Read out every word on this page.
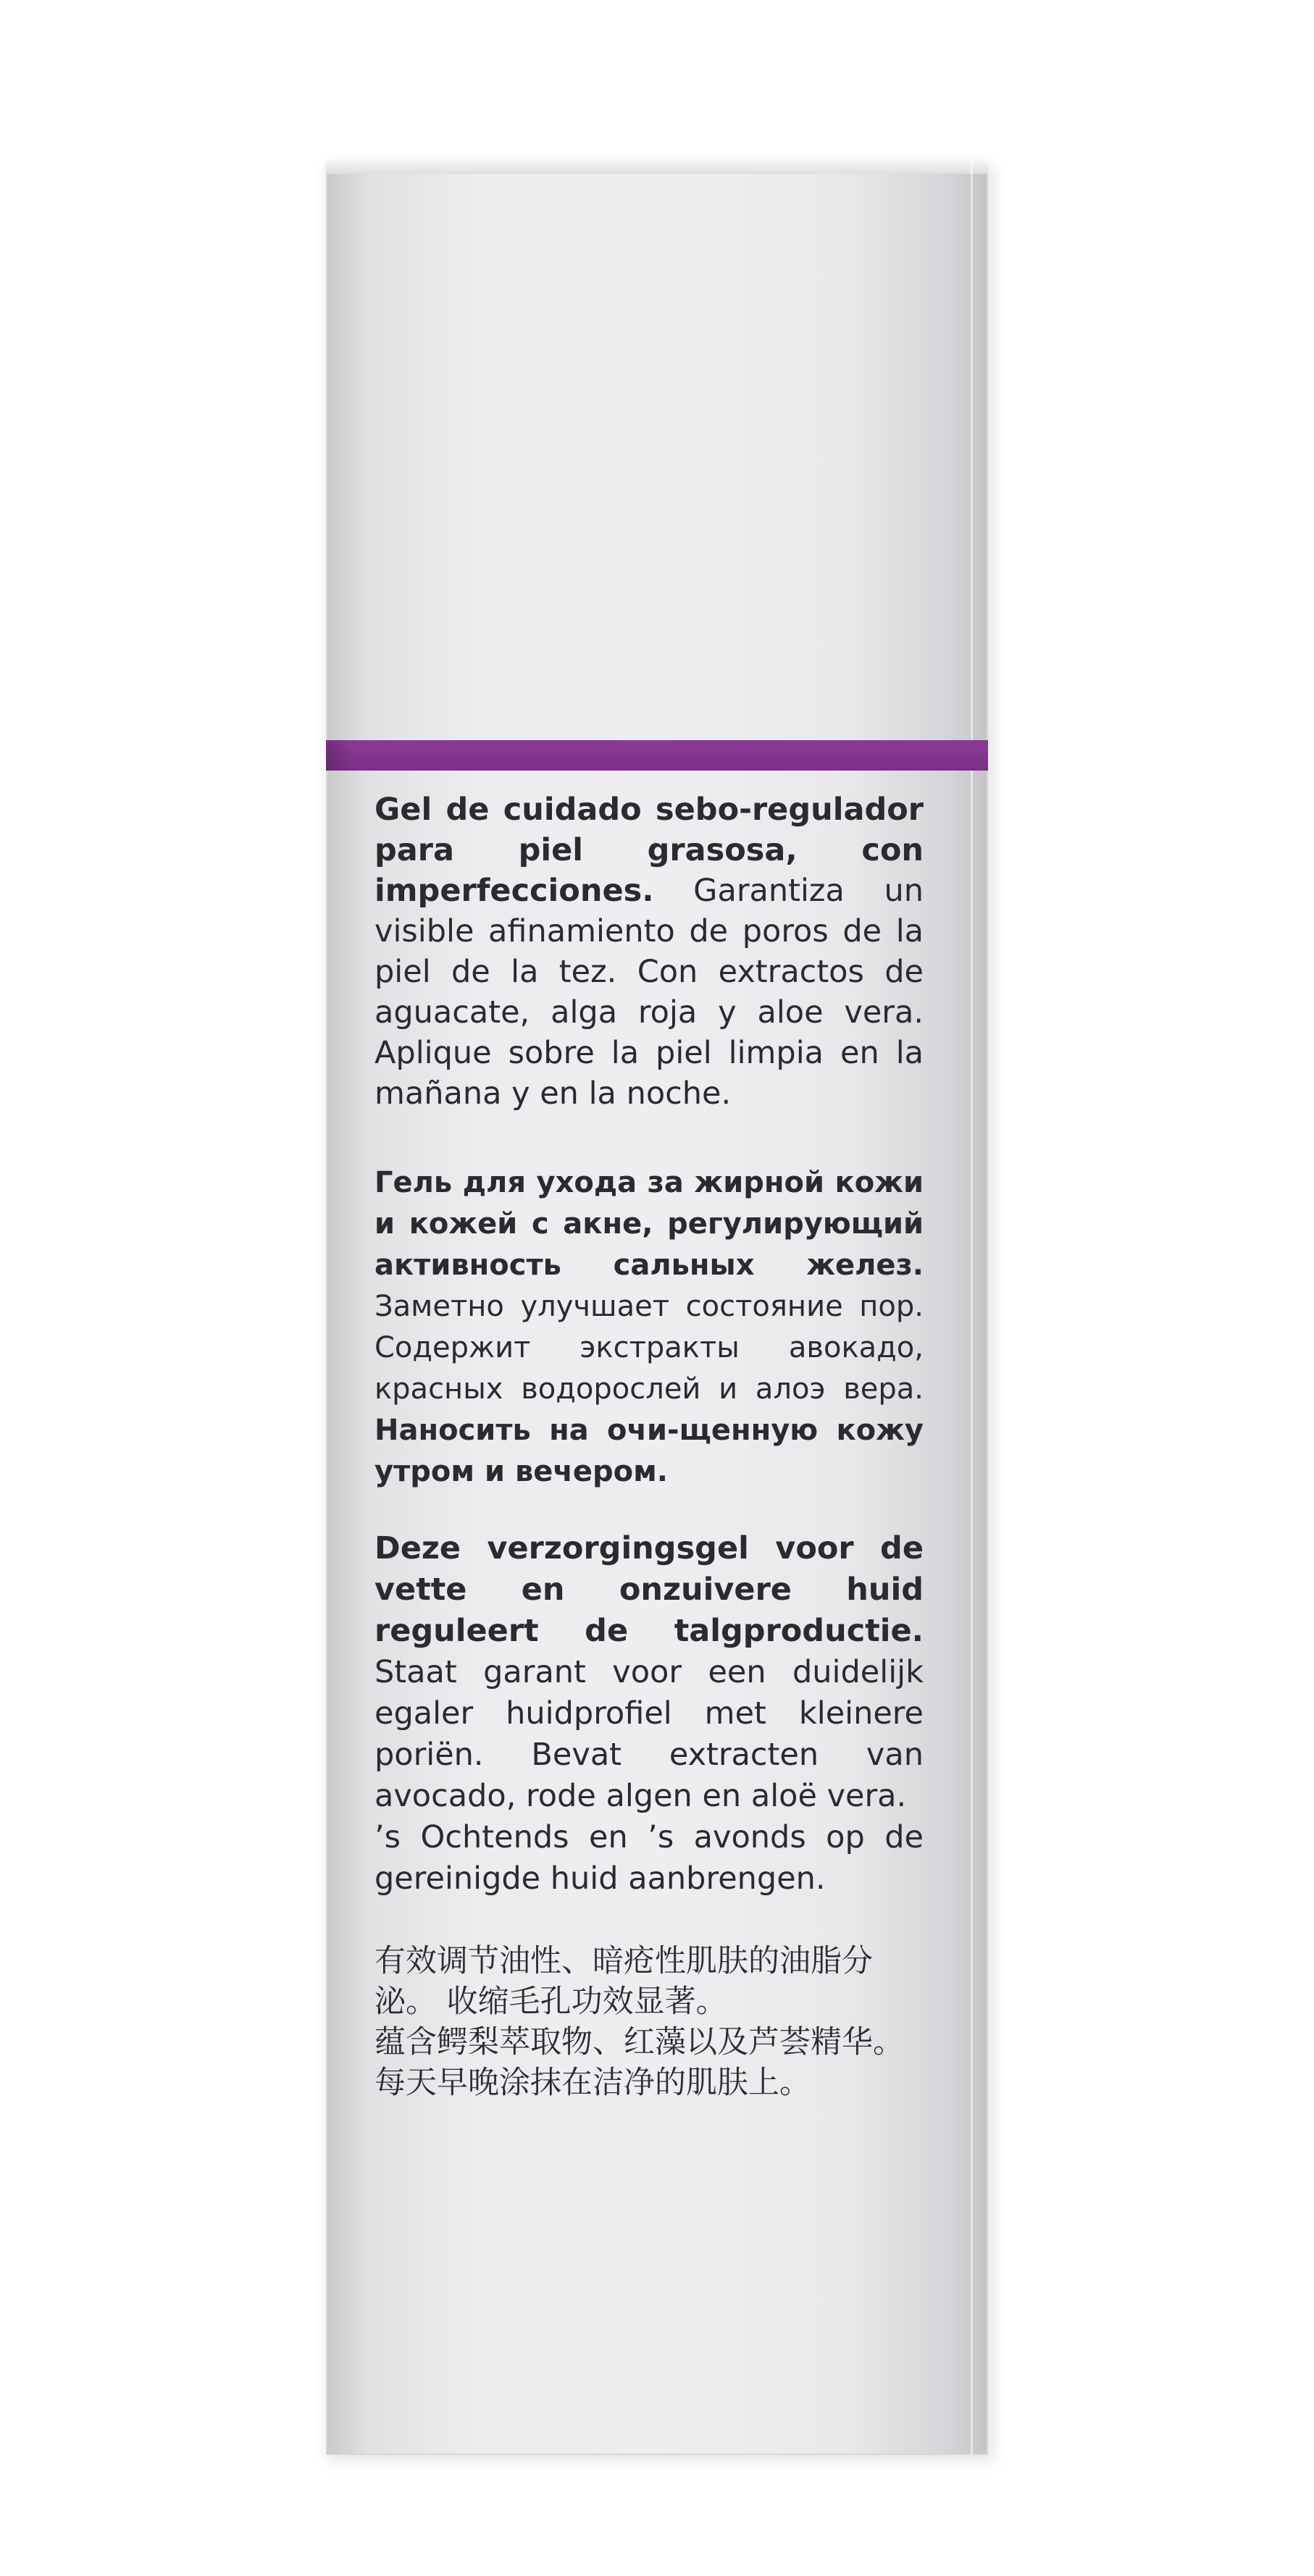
Gel de cuidado sebo-regulador para piel grasosa, con imperfecciones. Garantiza un visible afinamiento de poros de la piel de la tez. Con extractos de aguacate, alga roja y aloe vera. Aplique sobre la piel limpia en la mañana y en la noche.
Гель для ухода за жирной кожи и кожей с акне, регулирующий активность сальных желез. Заметно улучшает состояние пор. Содержит экстракты авокадо, красных водорослей и алоэ вера. Наносить на очи-щенную кожу утром и вечером.
Deze verzorgingsgel voor de vette en onzuivere huid reguleert de talgproductie. Staat garant voor een duidelijk egaler huidprofiel met kleinere poriën. Bevat extracten van avocado, rode algen en aloë vera.
’s Ochtends en ’s avonds op de gereinigde huid aanbrengen.
有效调节油性、暗疮性肌肤的油脂分泌。 收缩毛孔功效显著。
蕴含鳄梨萃取物、红藻以及芦荟精华。
每天早晚涂抹在洁净的肌肤上。
